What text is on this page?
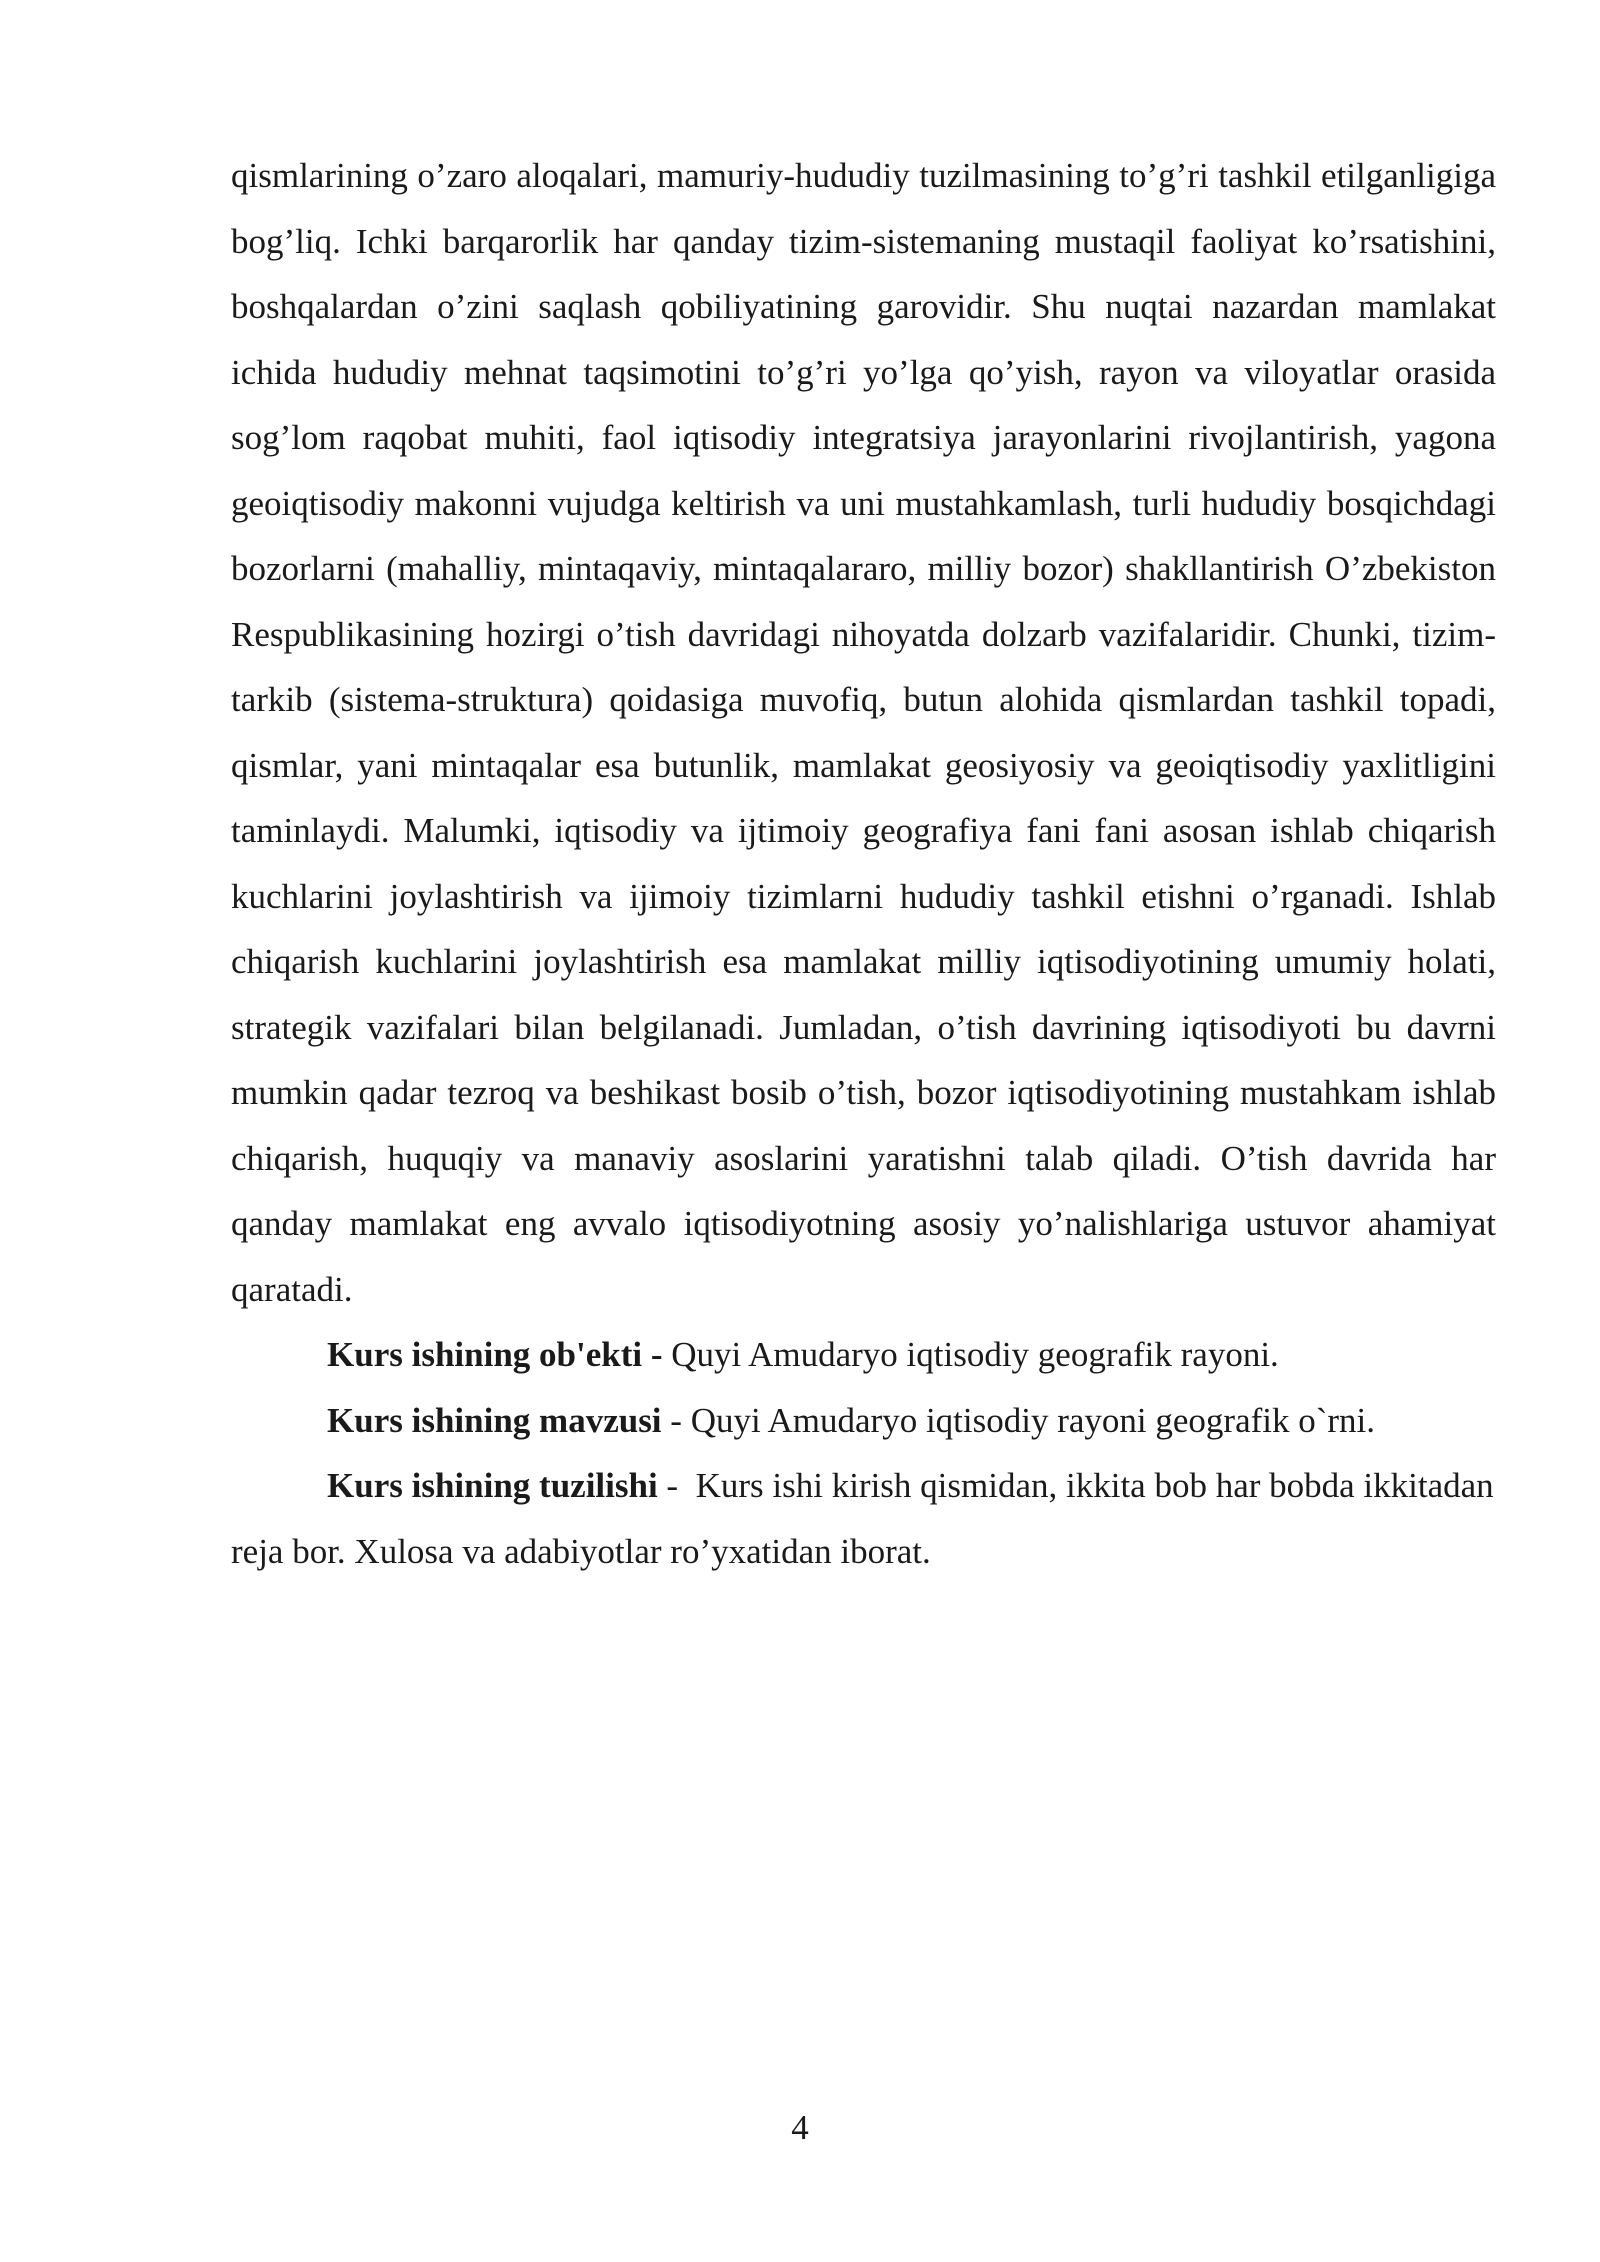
qismlarining o’zaro aloqalari, mamuriy-hududiy tuzilmasining to’g’ri tashkil etilganligiga bog’liq. Ichki barqarorlik har qanday tizim-sistemaning mustaqil faoliyat ko’rsatishini, boshqalardan o’zini saqlash qobiliyatining garovidir. Shu nuqtai nazardan mamlakat ichida hududiy mehnat taqsimotini to’g’ri yo’lga qo’yish, rayon va viloyatlar orasida sog’lom raqobat muhiti, faol iqtisodiy integratsiya jarayonlarini rivojlantirish, yagona geoiqtisodiy makonni vujudga keltirish va uni mustahkamlash, turli hududiy bosqichdagi bozorlarni (mahalliy, mintaqaviy, mintaqalararo, milliy bozor) shakllantirish O’zbekiston Respublikasining hozirgi o’tish davridagi nihoyatda dolzarb vazifalaridir. Chunki, tizim-tarkib (sistema-struktura) qoidasiga muvofiq, butun alohida qismlardan tashkil topadi, qismlar, yani mintaqalar esa butunlik, mamlakat geosiyosiy va geoiqtisodiy yaxlitligini taminlaydi. Malumki, iqtisodiy va ijtimoiy geografiya fani fani asosan ishlab chiqarish kuchlarini joylashtirish va ijimoiy tizimlarni hududiy tashkil etishni o’rganadi. Ishlab chiqarish kuchlarini joylashtirish esa mamlakat milliy iqtisodiyotining umumiy holati, strategik vazifalari bilan belgilanadi. Jumladan, o’tish davrining iqtisodiyoti bu davrni mumkin qadar tezroq va beshikast bosib o’tish, bozor iqtisodiyotining mustahkam ishlab chiqarish, huquqiy va manaviy asoslarini yaratishni talab qiladi. O’tish davrida har qanday mamlakat eng avvalo iqtisodiyotning asosiy yo’nalishlariga ustuvor ahamiyat qaratadi.

Kurs ishining ob'ekti - Quyi Amudaryo iqtisodiy geografik rayoni.

Kurs ishining mavzusi - Quyi Amudaryo iqtisodiy rayoni geografik o`rni.

Kurs ishining tuzilishi -  Kurs ishi kirish qismidan, ikkita bob har bobda ikkitadan reja bor. Xulosa va adabiyotlar ro’yxatidan iborat.

4
